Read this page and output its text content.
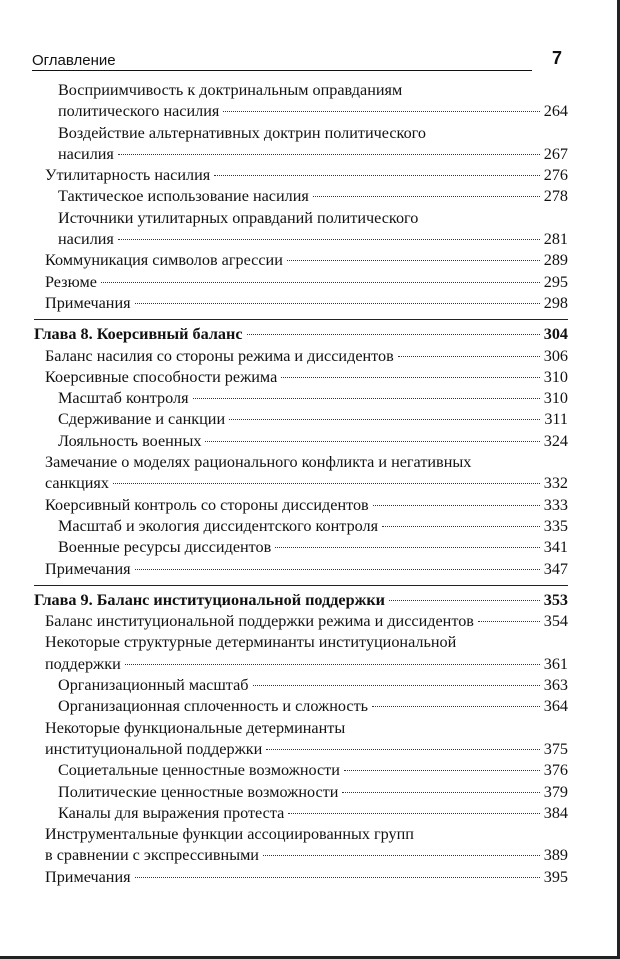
Оглавление	7
Восприимчивость к доктринальным оправданиям
политического насилия	264
Воздействие альтернативных доктрин политического
насилия	267
Утилитарность насилия	276
Тактическое использование насилия	278
Источники утилитарных оправданий политического
насилия	281
Коммуникация символов агрессии	289
Резюме	295
Примечания	298
Глава 8. Коерсивный баланс	304
Баланс насилия со стороны режима и диссидентов	306
Коерсивные способности режима	310
Масштаб контроля	310
Сдерживание и санкции	311
Лояльность военных	324
Замечание о моделях рационального конфликта и негативных
санкциях	332
Коерсивный контроль со стороны диссидентов	333
Масштаб и экология диссидентского контроля	335
Военные ресурсы диссидентов	341
Примечания	347
Глава 9. Баланс институциональной поддержки	353
Баланс институциональной поддержки режима и диссидентов	354
Некоторые структурные детерминанты институциональной
поддержки	361
Организационный масштаб	363
Организационная сплоченность и сложность	364
Некоторые функциональные детерминанты
институциональной поддержки	375
Социетальные ценностные возможности	376
Политические ценностные возможности	379
Каналы для выражения протеста	384
Инструментальные функции ассоциированных групп
в сравнении с экспрессивными	389
Примечания	395
